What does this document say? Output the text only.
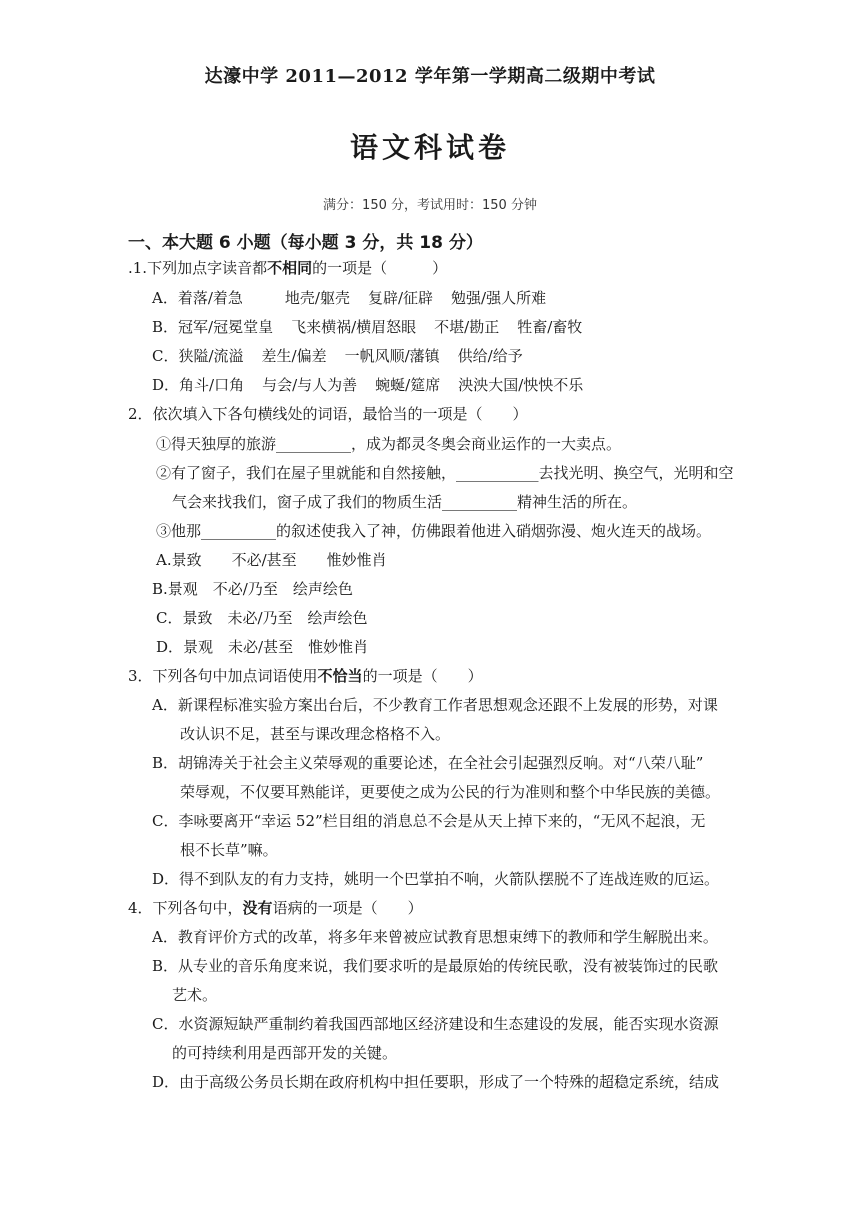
达濠中学 2011—2012 学年第一学期高二级期中考试
语文科试卷
满分：150 分，考试用时：150 分钟
一、本大题 6 小题（每小题 3 分，共 18 分）
.1.下列加点字读音都不相同的一项是（　　　）
A．着落/着急	地壳/躯壳 复辟/征辟 勉强/强人所难
B．冠军/冠冕堂皇 飞来横祸/横眉怒眼 不堪/勘正 牲畜/畜牧
C．狭隘/流溢 差生/偏差 一帆风顺/藩镇 供给/给予
D．角斗/口角 与会/与人为善 蜿蜒/筵席 泱泱大国/怏怏不乐
2．依次填入下各句横线处的词语，最恰当的一项是（　　）
①得天独厚的旅游__________，成为都灵冬奥会商业运作的一大卖点。
②有了窗子，我们在屋子里就能和自然接触，___________去找光明、换空气，光明和空
气会来找我们，窗子成了我们的物质生活__________精神生活的所在。
③他那__________的叙述使我入了神，仿佛跟着他进入硝烟弥漫、炮火连天的战场。
A.景致　　不必/甚至　　惟妙惟肖
B.景观　不必/乃至　绘声绘色
C．景致　未必/乃至　绘声绘色
D．景观　未必/甚至　惟妙惟肖
3．下列各句中加点词语使用不恰当的一项是（　　）
A．新课程标准实验方案出台后，不少教育工作者思想观念还跟不上发展的形势，对课
改认识不足，甚至与课改理念格格不入。
B．胡锦涛关于社会主义荣辱观的重要论述，在全社会引起强烈反响。对“八荣八耻”
荣辱观，不仅要耳熟能详，更要使之成为公民的行为准则和整个中华民族的美德。
C．李咏要离开“幸运 52”栏目组的消息总不会是从天上掉下来的，“无风不起浪，无
根不长草”嘛。
D．得不到队友的有力支持，姚明一个巴掌拍不响，火箭队摆脱不了连战连败的厄运。
4．下列各句中，没有语病的一项是（　　）
A．教育评价方式的改革，将多年来曾被应试教育思想束缚下的教师和学生解脱出来。
B．从专业的音乐角度来说，我们要求听的是最原始的传统民歌，没有被装饰过的民歌
艺术。
C．水资源短缺严重制约着我国西部地区经济建设和生态建设的发展，能否实现水资源
的可持续利用是西部开发的关键。
D．由于高级公务员长期在政府机构中担任要职，形成了一个特殊的超稳定系统，结成
